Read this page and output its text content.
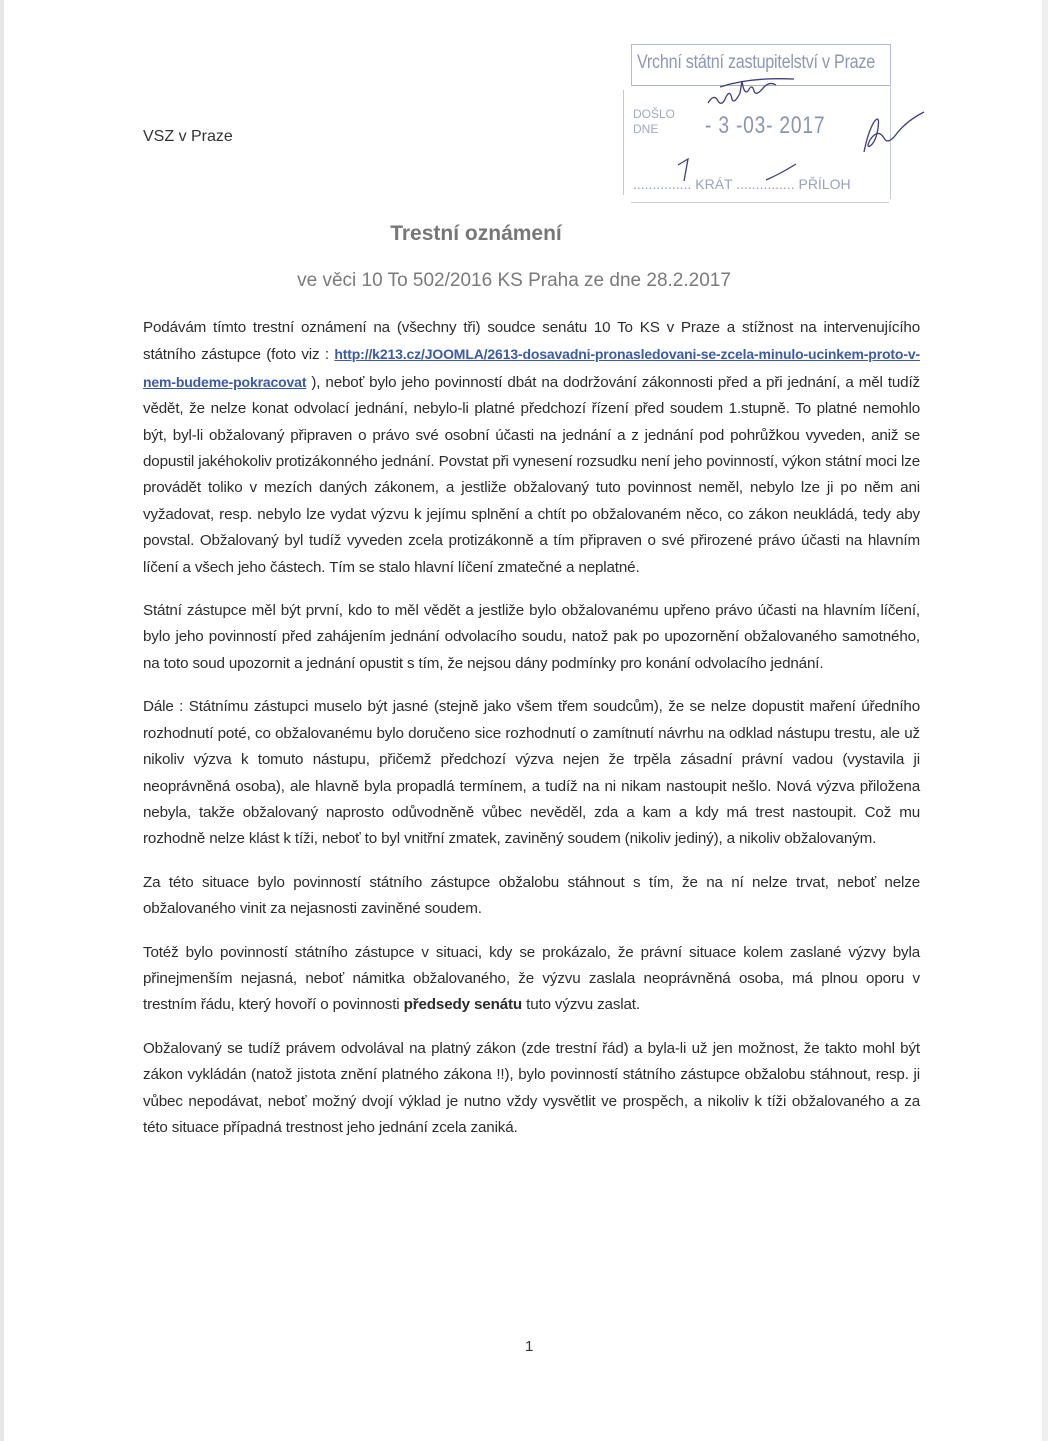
VSZ v Praze
Vrchní státní zastupitelství v Praze
DOŠLO
DNE	- 3 -03- 2017
............... KRÁT ............... PŘÍLOH
Trestní oznámení
ve věci 10 To 502/2016 KS Praha ze dne 28.2.2017

Podávám tímto trestní oznámení na (všechny tři) soudce senátu 10 To KS v Praze a stížnost na intervenujícího státního zástupce (foto viz : http://k213.cz/JOOMLA/2613-dosavadni-pronasledovani-se-zcela-minulo-ucinkem-proto-v-nem-budeme-pokracovat ), neboť bylo jeho povinností dbát na dodržování zákonnosti před a při jednání, a měl tudíž vědět, že nelze konat odvolací jednání, nebylo-li platné předchozí řízení před soudem 1.stupně. To platné nemohlo být, byl-li obžalovaný připraven o právo své osobní účasti na jednání a z jednání pod pohrůžkou vyveden, aniž se dopustil jakéhokoliv protizákonného jednání. Povstat při vynesení rozsudku není jeho povinností, výkon státní moci lze provádět toliko v mezích daných zákonem, a jestliže obžalovaný tuto povinnost neměl, nebylo lze ji po něm ani vyžadovat, resp. nebylo lze vydat výzvu k jejímu splnění a chtít po obžalovaném něco, co zákon neukládá, tedy aby povstal. Obžalovaný byl tudíž vyveden zcela protizákonně a tím připraven o své přirozené právo účasti na hlavním líčení a všech jeho částech. Tím se stalo hlavní líčení zmatečné a neplatné.

Státní zástupce měl být první, kdo to měl vědět a jestliže bylo obžalovanému upřeno právo účasti na hlavním líčení, bylo jeho povinností před zahájením jednání odvolacího soudu, natož pak po upozornění obžalovaného samotného, na toto soud upozornit a jednání opustit s tím, že nejsou dány podmínky pro konání odvolacího jednání.

Dále : Státnímu zástupci muselo být jasné (stejně jako všem třem soudcům), že se nelze dopustit maření úředního rozhodnutí poté, co obžalovanému bylo doručeno sice rozhodnutí o zamítnutí návrhu na odklad nástupu trestu, ale už nikoliv výzva k tomuto nástupu, přičemž předchozí výzva nejen že trpěla zásadní právní vadou (vystavila ji neoprávněná osoba), ale hlavně byla propadlá termínem, a tudíž na ni nikam nastoupit nešlo. Nová výzva přiložena nebyla, takže obžalovaný naprosto odůvodněně vůbec nevěděl, zda a kam a kdy má trest nastoupit. Což mu rozhodně nelze klást k tíži, neboť to byl vnitřní zmatek, zaviněný soudem (nikoliv jediný), a nikoliv obžalovaným.

Za této situace bylo povinností státního zástupce obžalobu stáhnout s tím, že na ní nelze trvat, neboť nelze obžalovaného vinit za nejasnosti zaviněné soudem.

Totéž bylo povinností státního zástupce v situaci, kdy se prokázalo, že právní situace kolem zaslané výzvy byla přinejmenším nejasná, neboť námitka obžalovaného, že výzvu zaslala neoprávněná osoba, má plnou oporu v trestním řádu, který hovoří o povinnosti předsedy senátu tuto výzvu zaslat.

Obžalovaný se tudíž právem odvolával na platný zákon (zde trestní řád) a byla-li už jen možnost, že takto mohl být zákon vykládán (natož jistota znění platného zákona !!), bylo povinností státního zástupce obžalobu stáhnout, resp. ji vůbec nepodávat, neboť možný dvojí výklad je nutno vždy vysvětlit ve prospěch, a nikoliv k tíži obžalovaného a za této situace případná trestnost jeho jednání zcela zaniká.

1
